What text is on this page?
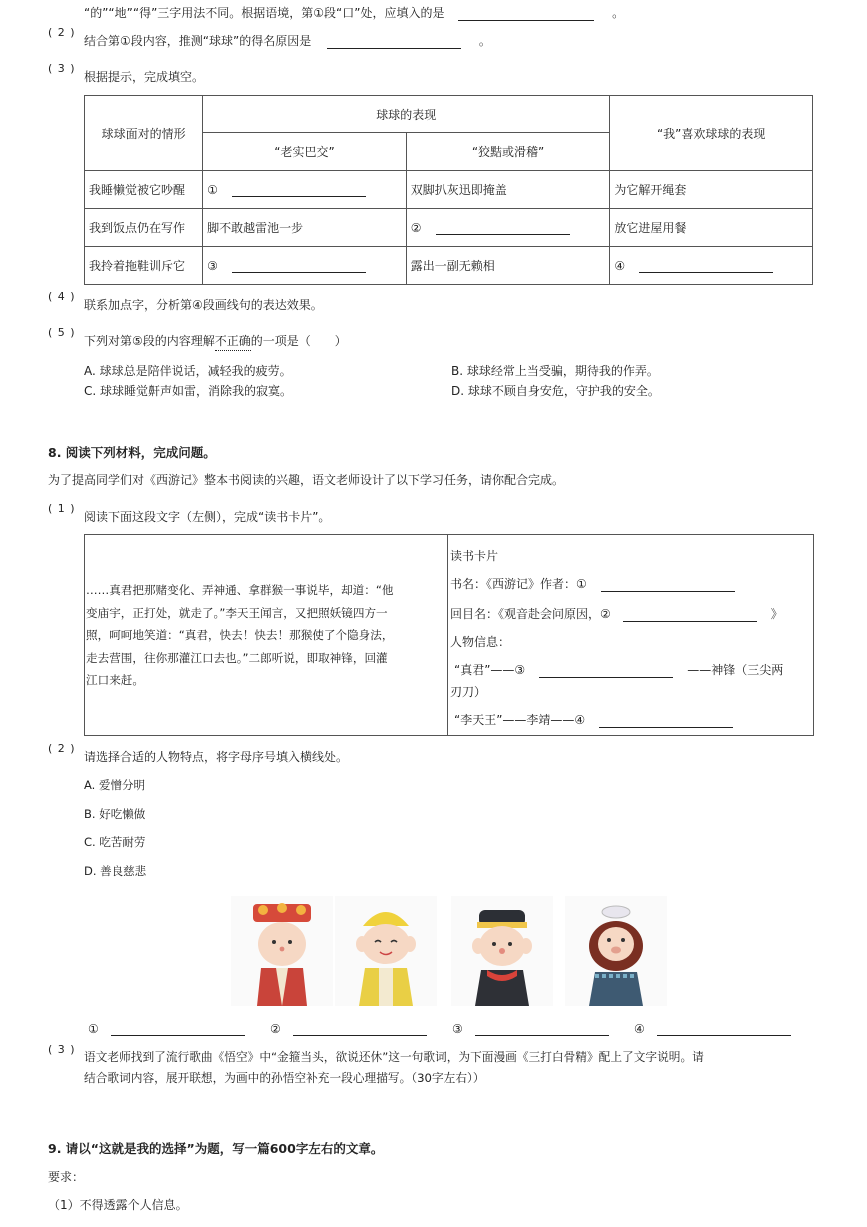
“的”“地”“得”三字用法不同。根据语境，第①段“口”处，应填入的是	。
( 2 )
结合第①段内容，推测“球球”的得名原因是	。
( 3 )
根据提示，完成填空。
球球面对的情形	球球的表现		“我”喜欢球球的表现
	“老实巴交”	“狡黠或滑稽”	
我睡懒觉被它吵醒	①	双脚扒灰迅即掩盖	为它解开绳套
我到饭点仍在写作	脚不敢越雷池一步	②	放它进屋用餐
我拎着拖鞋训斥它	③	露出一副无赖相	④
( 4 )
联系加点字，分析第④段画线句的表达效果。
( 5 )
下列对第⑤段的内容理解不正确
的一项是（　　）
A. 球球总是陪伴说话，减轻我的疲劳。	B. 球球经常上当受骗，期待我的作弄。
C. 球球睡觉鼾声如雷，消除我的寂寞。	D. 球球不顾自身安危，守护我的安全。
8. 阅读下列材料，完成问题。
为了提高同学们对《西游记》整本书阅读的兴趣，语文老师设计了以下学习任务，请你配合完成。
( 1 )
阅读下面这段文字（左侧），完成“读书卡片”。
……真君把那赌变化、弄神通、拿群猴一事说毕，却道：“他
变庙宇，正打处，就走了。”李天王闻言，又把照妖镜四方一
照，呵呵地笑道：“真君，快去！快去！那猴使了个隐身法，
走去营围，往你那灌江口去也。”二郎听说，即取神锋，回灌
江口来赶。
读书卡片
书名：《西游记》作者：①
回目名：《观音赴会问原因，②	》
人物信息：
“真君”——③	——神锋（三尖两
刃刀）
“李天王”——李靖——④
( 2 )
请选择合适的人物特点，将字母序号填入横线处。
A. 爱憎分明
B. 好吃懒做
C. 吃苦耐劳
D. 善良慈悲
①	②	③	④
( 3 )
语文老师找到了流行歌曲《悟空》中“金箍当头，欲说还休”这一句歌词，为下面漫画《三打白骨精》配上了文字说明。请
结合歌词内容，展开联想，为画中的孙悟空补充一段心理描写。（30字左右））
9. 请以“这就是我的选择”为题，写一篇600字左右的文章。
要求：
（1）不得透露个人信息。
